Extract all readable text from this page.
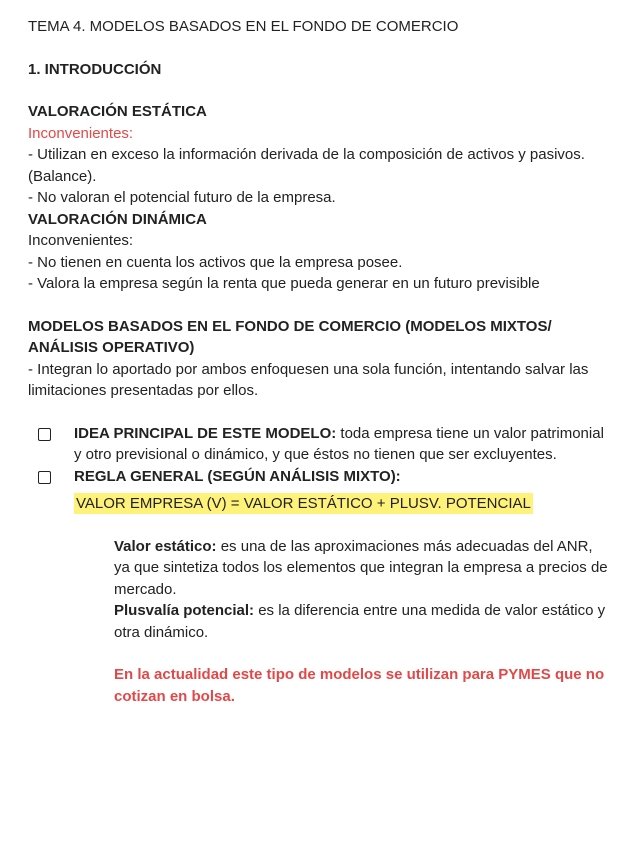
TEMA 4. MODELOS BASADOS EN EL FONDO DE COMERCIO
1. INTRODUCCIÓN
VALORACIÓN ESTÁTICA

Inconvenientes:

- Utilizan en exceso la información derivada de la composición de activos y pasivos. (Balance).

- No valoran el potencial futuro de la empresa.

VALORACIÓN DINÁMICA

Inconvenientes:

- No tienen en cuenta los activos que la empresa posee.

- Valora la empresa según la renta que pueda generar en un futuro previsible

MODELOS BASADOS EN EL FONDO DE COMERCIO (MODELOS MIXTOS/ ANÁLISIS OPERATIVO)

- Integran lo aportado por ambos enfoquesen una sola función, intentando salvar las limitaciones presentadas por ellos.

IDEA PRINCIPAL DE ESTE MODELO: toda empresa tiene un valor patrimonial y otro previsional o dinámico, y que éstos no tienen que ser excluyentes.
REGLA GENERAL (SEGÚN ANÁLISIS MIXTO):
VALOR EMPRESA (V) = VALOR ESTÁTICO + PLUSV. POTENCIAL

Valor estático: es una de las aproximaciones más adecuadas del ANR, ya que sintetiza todos los elementos que integran la empresa a precios de mercado.

Plusvalía potencial: es la diferencia entre una medida de valor estático y otra dinámico.

En la actualidad este tipo de modelos se utilizan para PYMES que no cotizan en bolsa.
